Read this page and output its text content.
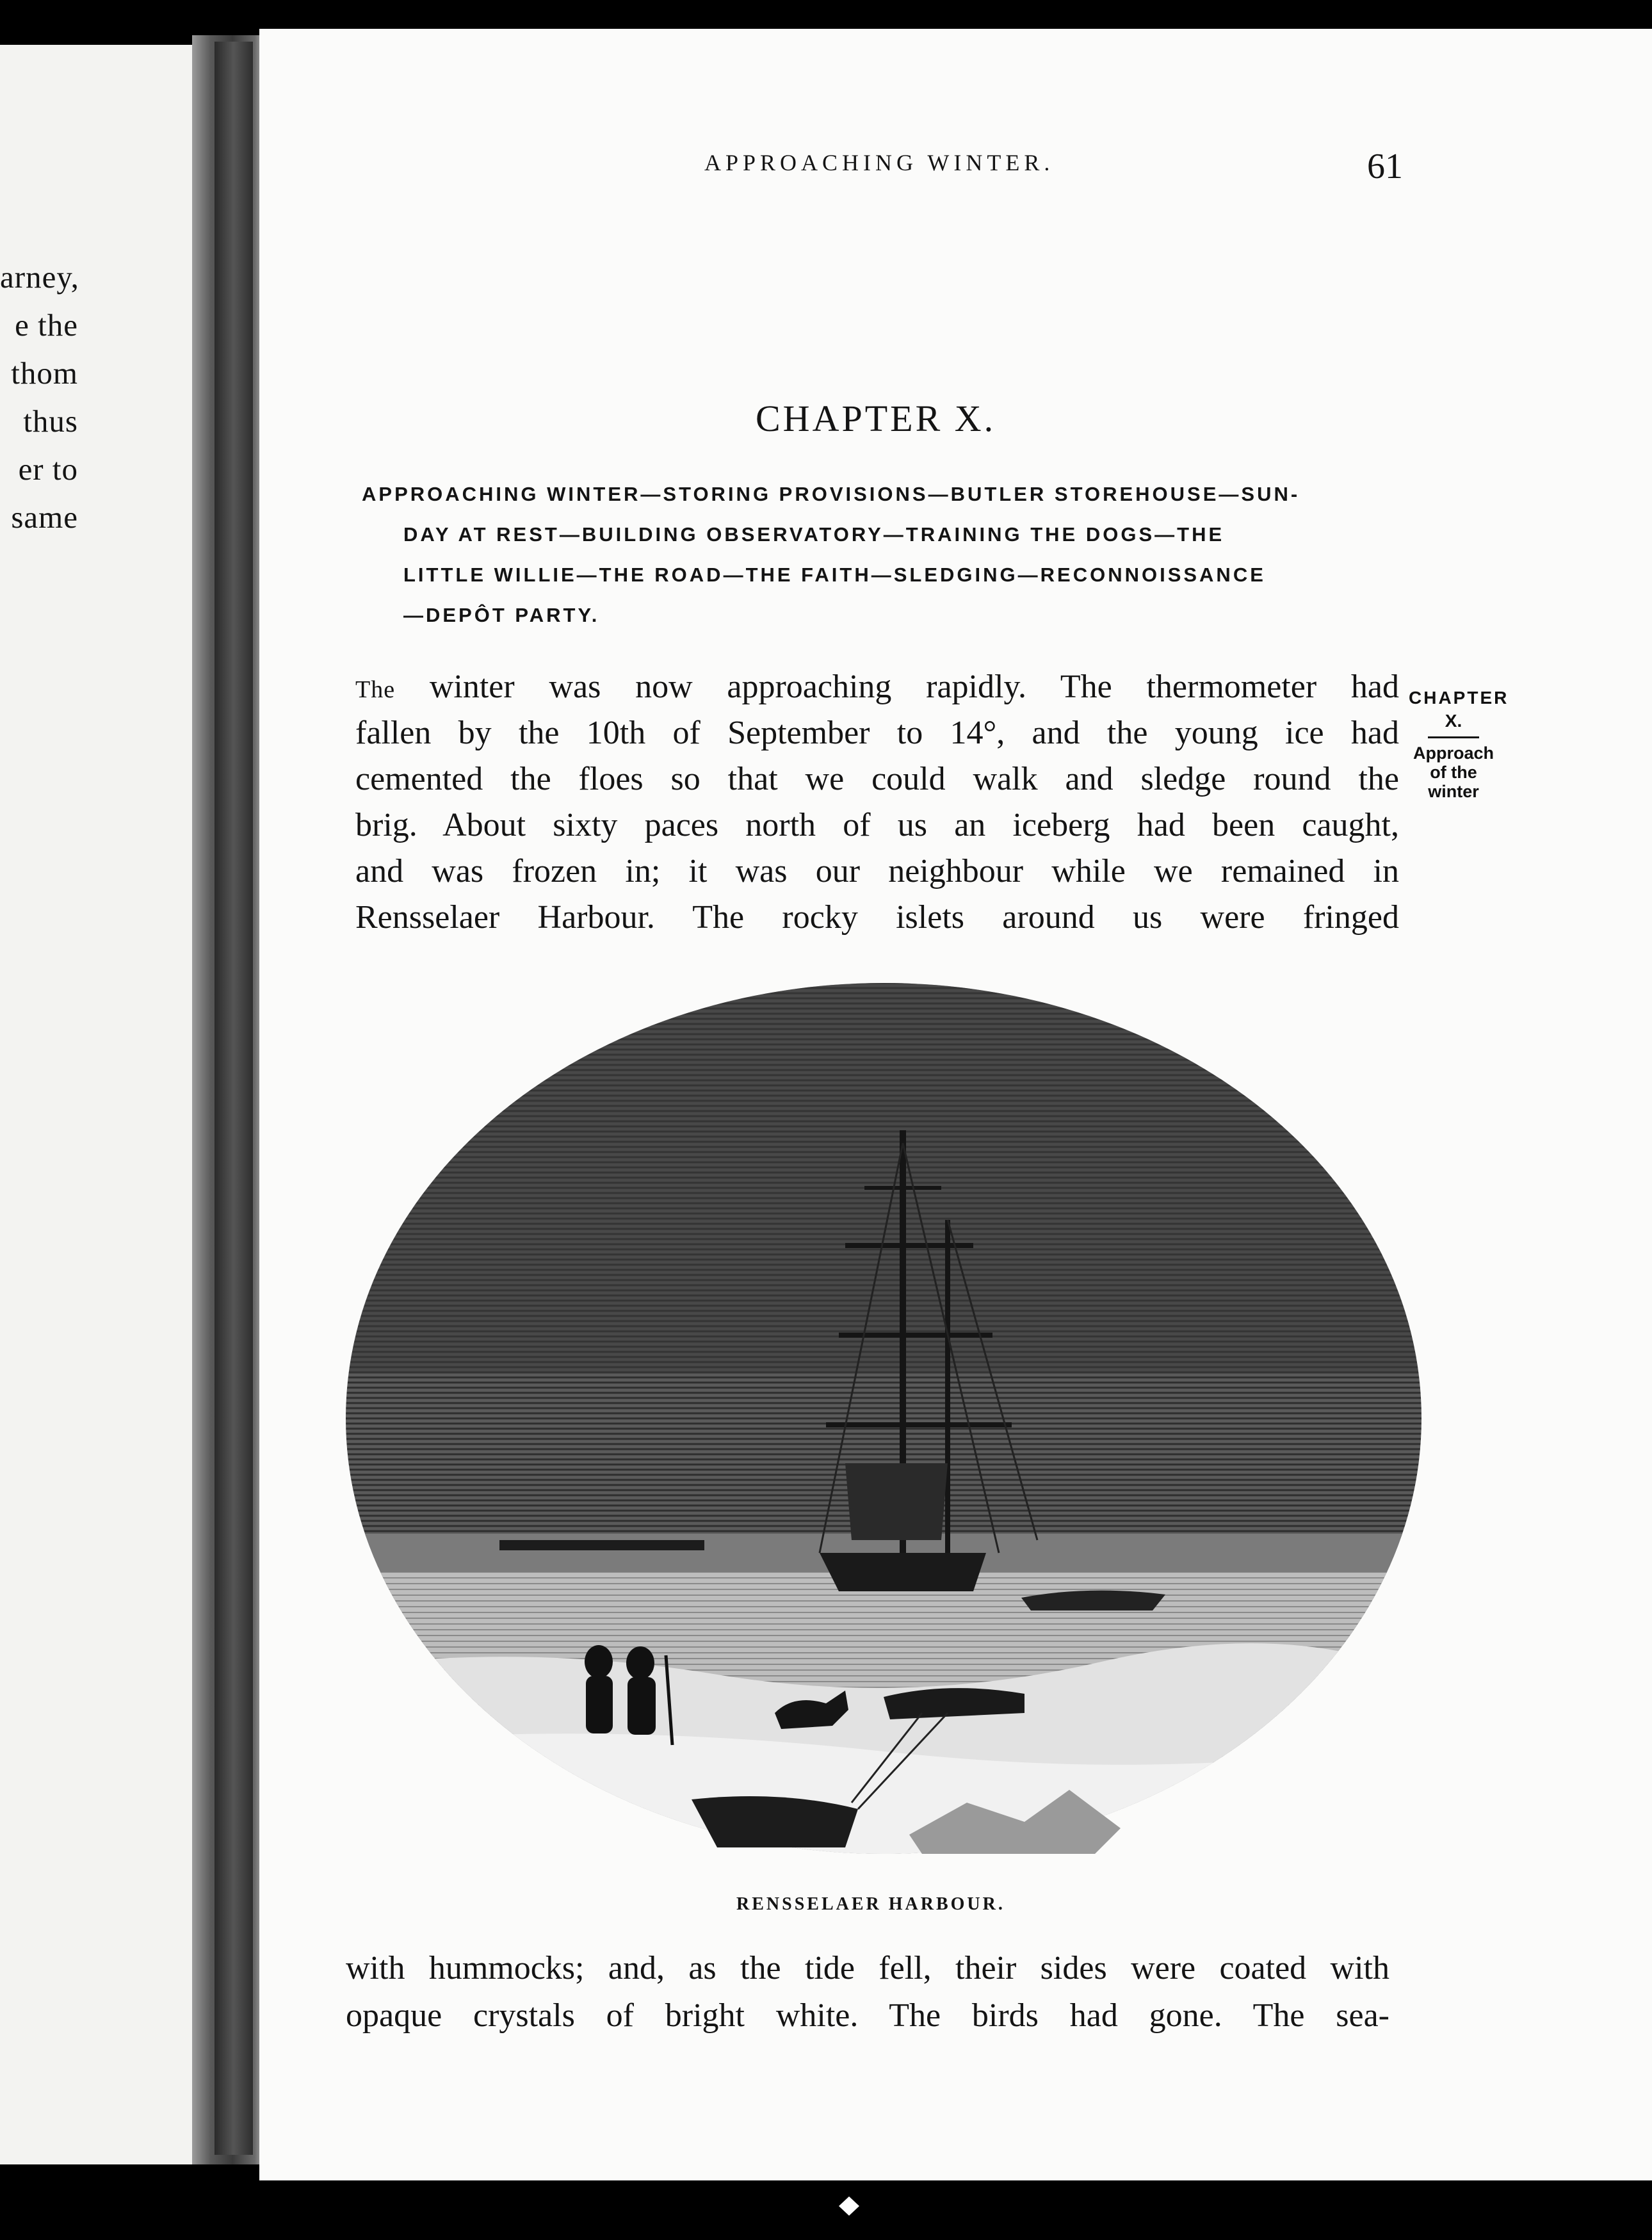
arney,
e the
thom
thus
er to
same
APPROACHING WINTER.	61
CHAPTER X.
APPROACHING WINTER—STORING PROVISIONS—BUTLER STOREHOUSE—SUN-
DAY AT REST—BUILDING OBSERVATORY—TRAINING THE DOGS—THE
LITTLE WILLIE—THE ROAD—THE FAITH—SLEDGING—RECONNOISSANCE
—DEPÔT PARTY.
The winter was now approaching rapidly. The thermometer had
fallen by the 10th of September to 14°, and the young ice had
cemented the floes so that we could walk and sledge round the
brig. About sixty paces north of us an iceberg had been caught,
and was frozen in; it was our neighbour while we remained in
Rensselaer Harbour. The rocky islets around us were fringed
CHAPTER
X.
Approach
of the
winter
RENSSELAER HARBOUR.
with hummocks; and, as the tide fell, their sides were coated with
opaque crystals of bright white. The birds had gone. The sea-
